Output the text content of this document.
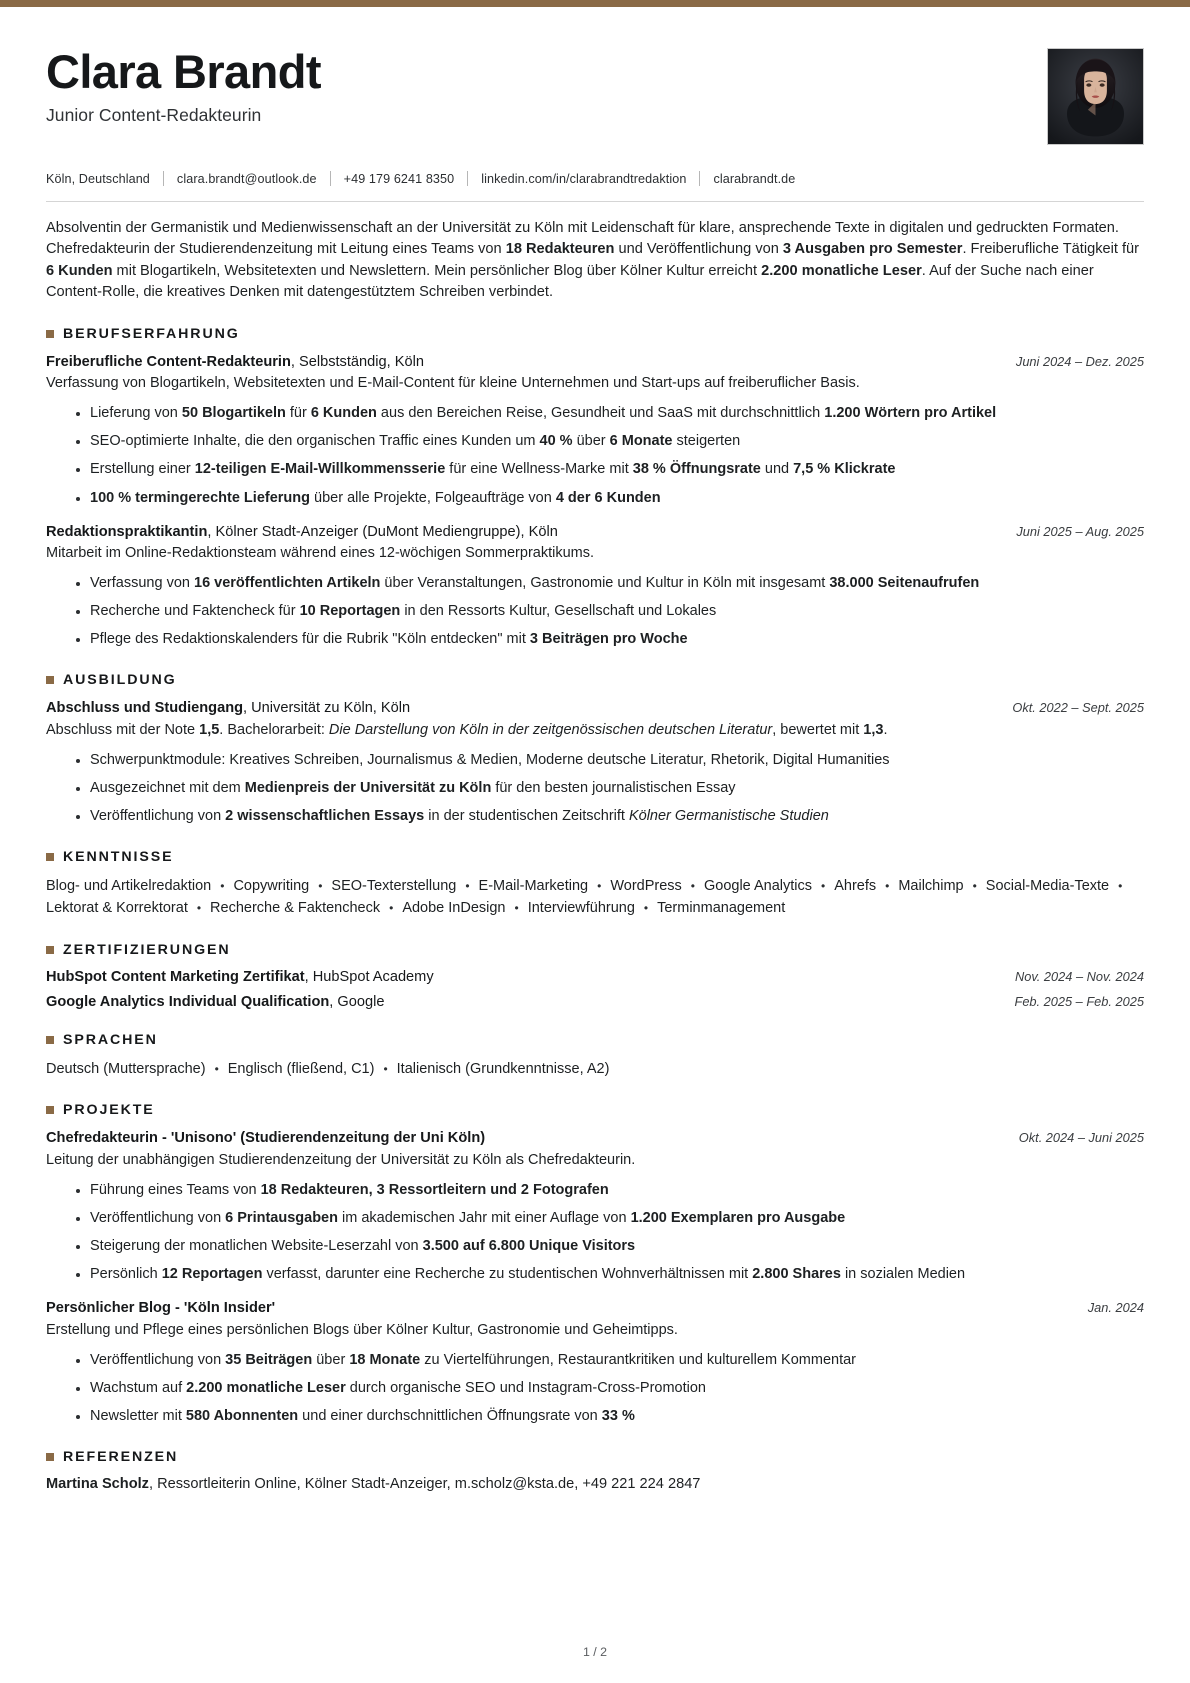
Clara Brandt
Junior Content-Redakteurin
Köln, Deutschland clara.brandt@outlook.de +49 179 6241 8350 linkedin.com/in/clarabrandtredaktion clarabrandt.de

Absolventin der Germanistik und Medienwissenschaft an der Universität zu Köln mit Leidenschaft für klare, ansprechende Texte in digitalen und gedruckten Formaten. Chefredakteurin der Studierendenzeitung mit Leitung eines Teams von 18 Redakteuren und Veröffentlichung von 3 Ausgaben pro Semester. Freiberufliche Tätigkeit für 6 Kunden mit Blogartikeln, Websitetexten und Newslettern. Mein persönlicher Blog über Kölner Kultur erreicht 2.200 monatliche Leser. Auf der Suche nach einer Content-Rolle, die kreatives Denken mit datengestütztem Schreiben verbindet.

BERUFSERFAHRUNG
Freiberufliche Content-Redakteurin, Selbstständig, Köln	Juni 2024 – Dez. 2025
Verfassung von Blogartikeln, Websitetexten und E-Mail-Content für kleine Unternehmen und Start-ups auf freiberuflicher Basis.
Lieferung von 50 Blogartikeln für 6 Kunden aus den Bereichen Reise, Gesundheit und SaaS mit durchschnittlich 1.200 Wörtern pro Artikel
SEO-optimierte Inhalte, die den organischen Traffic eines Kunden um 40 % über 6 Monate steigerten
Erstellung einer 12-teiligen E-Mail-Willkommensserie für eine Wellness-Marke mit 38 % Öffnungsrate und 7,5 % Klickrate
100 % termingerechte Lieferung über alle Projekte, Folgeaufträge von 4 der 6 Kunden
Redaktionspraktikantin, Kölner Stadt-Anzeiger (DuMont Mediengruppe), Köln	Juni 2025 – Aug. 2025
Mitarbeit im Online-Redaktionsteam während eines 12-wöchigen Sommerpraktikums.
Verfassung von 16 veröffentlichten Artikeln über Veranstaltungen, Gastronomie und Kultur in Köln mit insgesamt 38.000 Seitenaufrufen
Recherche und Faktencheck für 10 Reportagen in den Ressorts Kultur, Gesellschaft und Lokales
Pflege des Redaktionskalenders für die Rubrik "Köln entdecken" mit 3 Beiträgen pro Woche
AUSBILDUNG
Abschluss und Studiengang, Universität zu Köln, Köln	Okt. 2022 – Sept. 2025
Abschluss mit der Note 1,5. Bachelorarbeit: Die Darstellung von Köln in der zeitgenössischen deutschen Literatur, bewertet mit 1,3.
Schwerpunktmodule: Kreatives Schreiben, Journalismus & Medien, Moderne deutsche Literatur, Rhetorik, Digital Humanities
Ausgezeichnet mit dem Medienpreis der Universität zu Köln für den besten journalistischen Essay
Veröffentlichung von 2 wissenschaftlichen Essays in der studentischen Zeitschrift Kölner Germanistische Studien
KENNTNISSE
Blog- und Artikelredaktion • Copywriting • SEO-Texterstellung • E-Mail-Marketing • WordPress • Google Analytics • Ahrefs • Mailchimp • Social-Media-Texte •Lektorat & Korrektorat • Recherche & Faktencheck • Adobe InDesign • Interviewführung • Terminmanagement
ZERTIFIZIERUNGEN
HubSpot Content Marketing Zertifikat, HubSpot Academy	Nov. 2024 – Nov. 2024
Google Analytics Individual Qualification, Google	Feb. 2025 – Feb. 2025
SPRACHEN
Deutsch (Muttersprache) • Englisch (fließend, C1) • Italienisch (Grundkenntnisse, A2)
PROJEKTE
Chefredakteurin - 'Unisono' (Studierendenzeitung der Uni Köln)	Okt. 2024 – Juni 2025
Leitung der unabhängigen Studierendenzeitung der Universität zu Köln als Chefredakteurin.
Führung eines Teams von 18 Redakteuren, 3 Ressortleitern und 2 Fotografen
Veröffentlichung von 6 Printausgaben im akademischen Jahr mit einer Auflage von 1.200 Exemplaren pro Ausgabe
Steigerung der monatlichen Website-Leserzahl von 3.500 auf 6.800 Unique Visitors
Persönlich 12 Reportagen verfasst, darunter eine Recherche zu studentischen Wohnverhältnissen mit 2.800 Shares in sozialen Medien
Persönlicher Blog - 'Köln Insider'	Jan. 2024
Erstellung und Pflege eines persönlichen Blogs über Kölner Kultur, Gastronomie und Geheimtipps.
Veröffentlichung von 35 Beiträgen über 18 Monate zu Viertelführungen, Restaurantkritiken und kulturellem Kommentar
Wachstum auf 2.200 monatliche Leser durch organische SEO und Instagram-Cross-Promotion
Newsletter mit 580 Abonnenten und einer durchschnittlichen Öffnungsrate von 33 %
REFERENZEN
Martina Scholz, Ressortleiterin Online, Kölner Stadt-Anzeiger, m.scholz@ksta.de, +49 221 224 2847
1 / 2
